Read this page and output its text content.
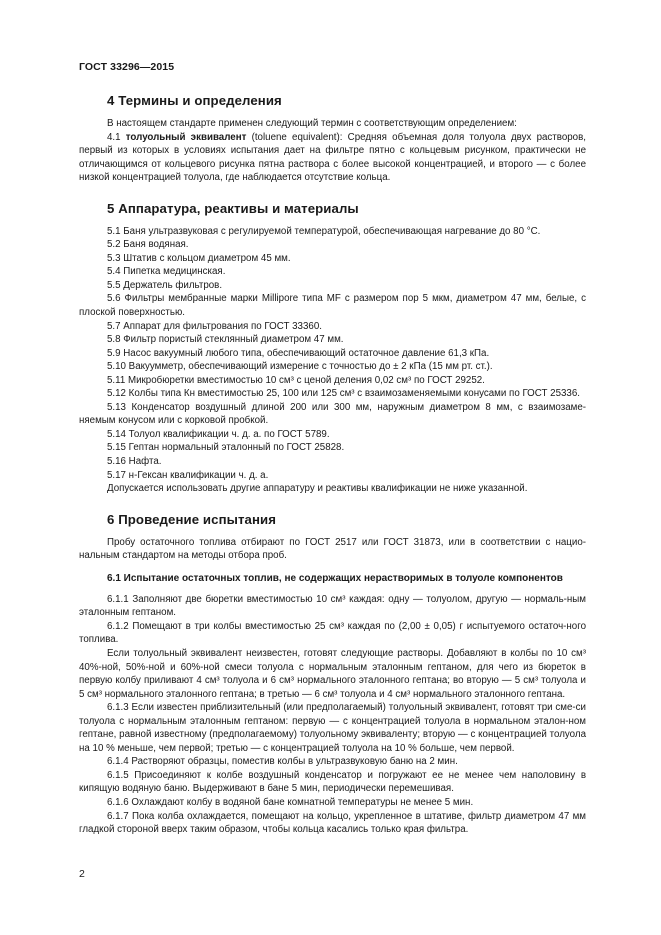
ГОСТ 33296—2015
4 Термины и определения

В настоящем стандарте применен следующий термин с соответствующим определением:

4.1 толуольный эквивалент (toluene equivalent): Средняя объемная доля толуола двух растворов, первый из которых в условиях испытания дает на фильтре пятно с кольцевым рисунком, практически не отличающимся от кольцевого рисунка пятна раствора с более высокой концентрацией, и второго — с более низкой концентрацией толуола, где наблюдается отсутствие кольца.

5 Аппаратура, реактивы и материалы

5.1 Баня ультразвуковая с регулируемой температурой, обеспечивающая нагревание до 80 °С.

5.2 Баня водяная.

5.3 Штатив с кольцом диаметром 45 мм.

5.4 Пипетка медицинская.

5.5 Держатель фильтров.

5.6 Фильтры мембранные марки Millipore типа MF с размером пор 5 мкм, диаметром 47 мм, белые, с плоской поверхностью.

5.7 Аппарат для фильтрования по ГОСТ 33360.

5.8 Фильтр пористый стеклянный диаметром 47 мм.

5.9 Насос вакуумный любого типа, обеспечивающий остаточное давление 61,3 кПа.

5.10 Вакуумметр, обеспечивающий измерение с точностью до ± 2 кПа (15 мм рт. ст.).

5.11 Микробюретки вместимостью 10 см³ с ценой деления 0,02 см³ по ГОСТ 29252.

5.12 Колбы типа Кн вместимостью 25, 100 или 125 см³ с взаимозаменяемыми конусами по ГОСТ 25336.

5.13 Конденсатор воздушный длиной 200 или 300 мм, наружным диаметром 8 мм, с взаимозаме-няемым конусом или с корковой пробкой.

5.14 Толуол квалификации ч. д. а. по ГОСТ 5789.

5.15 Гептан нормальный эталонный по ГОСТ 25828.

5.16 Нафта.

5.17 н-Гексан квалификации ч. д. а.

Допускается использовать другие аппаратуру и реактивы квалификации не ниже указанной.

6 Проведение испытания

Пробу остаточного топлива отбирают по ГОСТ 2517 или ГОСТ 31873, или в соответствии с нацио-нальным стандартом на методы отбора проб.

6.1 Испытание остаточных топлив, не содержащих нерастворимых в толуоле компонентов

6.1.1 Заполняют две бюретки вместимостью 10 см³ каждая: одну — толуолом, другую — нормаль-ным эталонным гептаном.

6.1.2 Помещают в три колбы вместимостью 25 см³ каждая по (2,00 ± 0,05) г испытуемого остаточ-ного топлива.

Если толуольный эквивалент неизвестен, готовят следующие растворы. Добавляют в колбы по 10 см³ 40%-ной, 50%-ной и 60%-ной смеси толуола с нормальным эталонным гептаном, для чего из бюреток в первую колбу приливают 4 см³ толуола и 6 см³ нормального эталонного гептана; во вторую — 5 см³ толуола и 5 см³ нормального эталонного гептана; в третью — 6 см³ толуола и 4 см³ нормального эталонного гептана.

6.1.3 Если известен приблизительный (или предполагаемый) толуольный эквивалент, готовят три сме-си толуола с нормальным эталонным гептаном: первую — с концентрацией толуола в нормальном эталон-ном гептане, равной известному (предполагаемому) толуольному эквиваленту; вторую — с концентрацией толуола на 10 % меньше, чем первой; третью — с концентрацией толуола на 10 % больше, чем первой.

6.1.4 Растворяют образцы, поместив колбы в ультразвуковую баню на 2 мин.

6.1.5 Присоединяют к колбе воздушный конденсатор и погружают ее не менее чем наполовину в кипящую водяную баню. Выдерживают в бане 5 мин, периодически перемешивая.

6.1.6 Охлаждают колбу в водяной бане комнатной температуры не менее 5 мин.

6.1.7 Пока колба охлаждается, помещают на кольцо, укрепленное в штативе, фильтр диаметром 47 мм гладкой стороной вверх таким образом, чтобы кольца касались только края фильтра.

2
